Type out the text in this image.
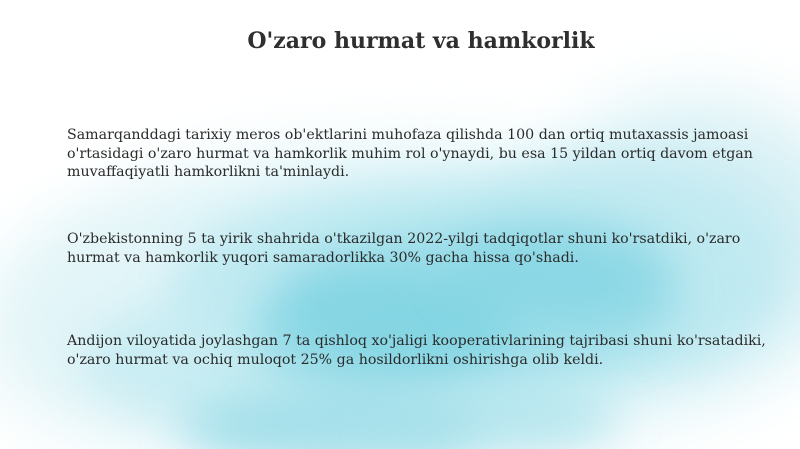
O'zaro hurmat va hamkorlik

Samarqanddagi tarixiy meros ob'ektlarini muhofaza qilishda 100 dan ortiq mutaxassis jamoasi o'rtasidagi o'zaro hurmat va hamkorlik muhim rol o'ynaydi, bu esa 15 yildan ortiq davom etgan muvaffaqiyatli hamkorlikni ta'minlaydi.

O'zbekistonning 5 ta yirik shahrida o'tkazilgan 2022-yilgi tadqiqotlar shuni ko'rsatdiki, o'zaro hurmat va hamkorlik yuqori samaradorlikka 30% gacha hissa qo'shadi.

Andijon viloyatida joylashgan 7 ta qishloq xo'jaligi kooperativlarining tajribasi shuni ko'rsatadiki, o'zaro hurmat va ochiq muloqot 25% ga hosildorlikni oshirishga olib keldi.
